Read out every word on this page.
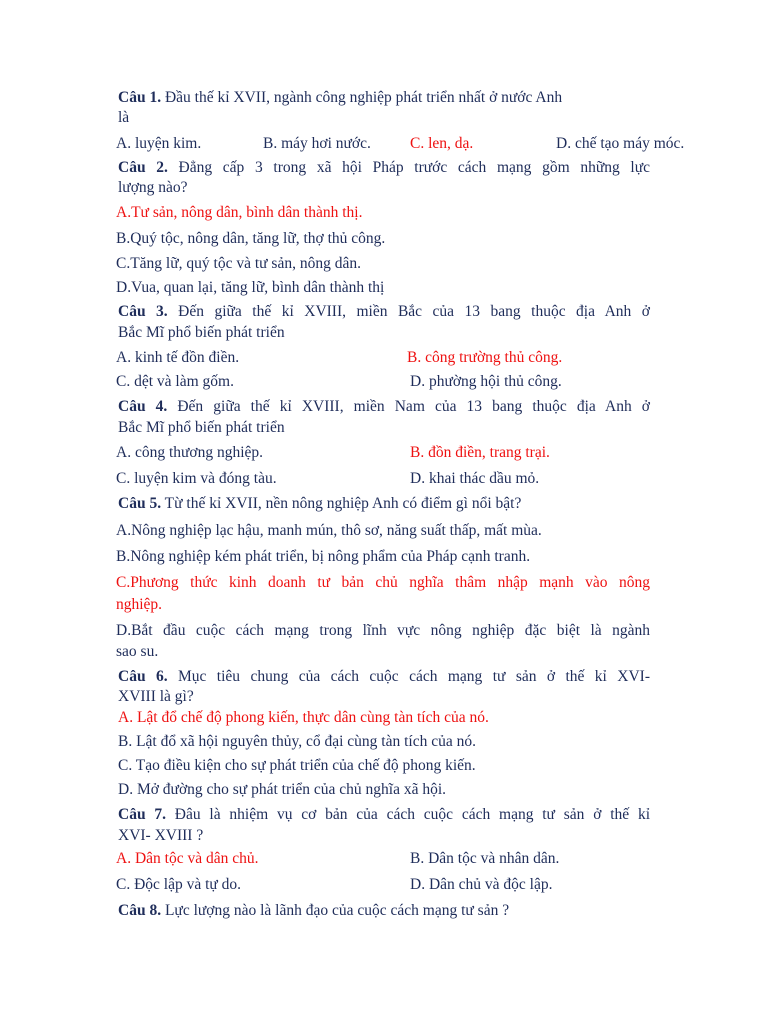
Câu 1. Đầu thế kỉ XVII, ngành công nghiệp phát triển nhất ở nước Anh
là
A. luyện kim.	B. máy hơi nước.	C. len, dạ.	D. chế tạo máy móc.
Câu 2. Đẳng cấp 3 trong xã hội Pháp trước cách mạng gồm những lực
lượng nào?
A.Tư sản, nông dân, bình dân thành thị.
B.Quý tộc, nông dân, tăng lữ, thợ thủ công.
C.Tăng lữ, quý tộc và tư sản, nông dân.
D.Vua, quan lại, tăng lữ, bình dân thành thị
Câu 3. Đến giữa thế kỉ XVIII, miền Bắc của 13 bang thuộc địa Anh ở
Bắc Mĩ phổ biến phát triển
A. kinh tế đồn điền.	B. công trường thủ công.
C. dệt và làm gốm.	D. phường hội thủ công.
Câu 4. Đến giữa thế kỉ XVIII, miền Nam của 13 bang thuộc địa Anh ở
Bắc Mĩ phổ biến phát triển
A. công thương nghiệp.	B. đồn điền, trang trại.
C. luyện kim và đóng tàu.	D. khai thác dầu mỏ.
Câu 5. Từ thế kỉ XVII, nền nông nghiệp Anh có điểm gì nổi bật?
A.Nông nghiệp lạc hậu, manh mún, thô sơ, năng suất thấp, mất mùa.
B.Nông nghiệp kém phát triển, bị nông phẩm của Pháp cạnh tranh.
C.Phương thức kinh doanh tư bản chủ nghĩa thâm nhập mạnh vào nông
nghiệp.
D.Bắt đầu cuộc cách mạng trong lĩnh vực nông nghiệp đặc biệt là ngành
sao su.
Câu 6. Mục tiêu chung của cách cuộc cách mạng tư sản ở thế kỉ XVI-
XVIII là gì?
A. Lật đổ chế độ phong kiến, thực dân cùng tàn tích của nó.
B. Lật đổ xã hội nguyên thủy, cổ đại cùng tàn tích của nó.
C. Tạo điều kiện cho sự phát triển của chế độ phong kiến.
D. Mở đường cho sự phát triển của chủ nghĩa xã hội.
Câu 7. Đâu là nhiệm vụ cơ bản của cách cuộc cách mạng tư sản ở thế kỉ
XVI- XVIII ?
A. Dân tộc và dân chủ.	B. Dân tộc và nhân dân.
C. Độc lập và tự do.	D. Dân chủ và độc lập.
Câu 8. Lực lượng nào là lãnh đạo của cuộc cách mạng tư sản ?
